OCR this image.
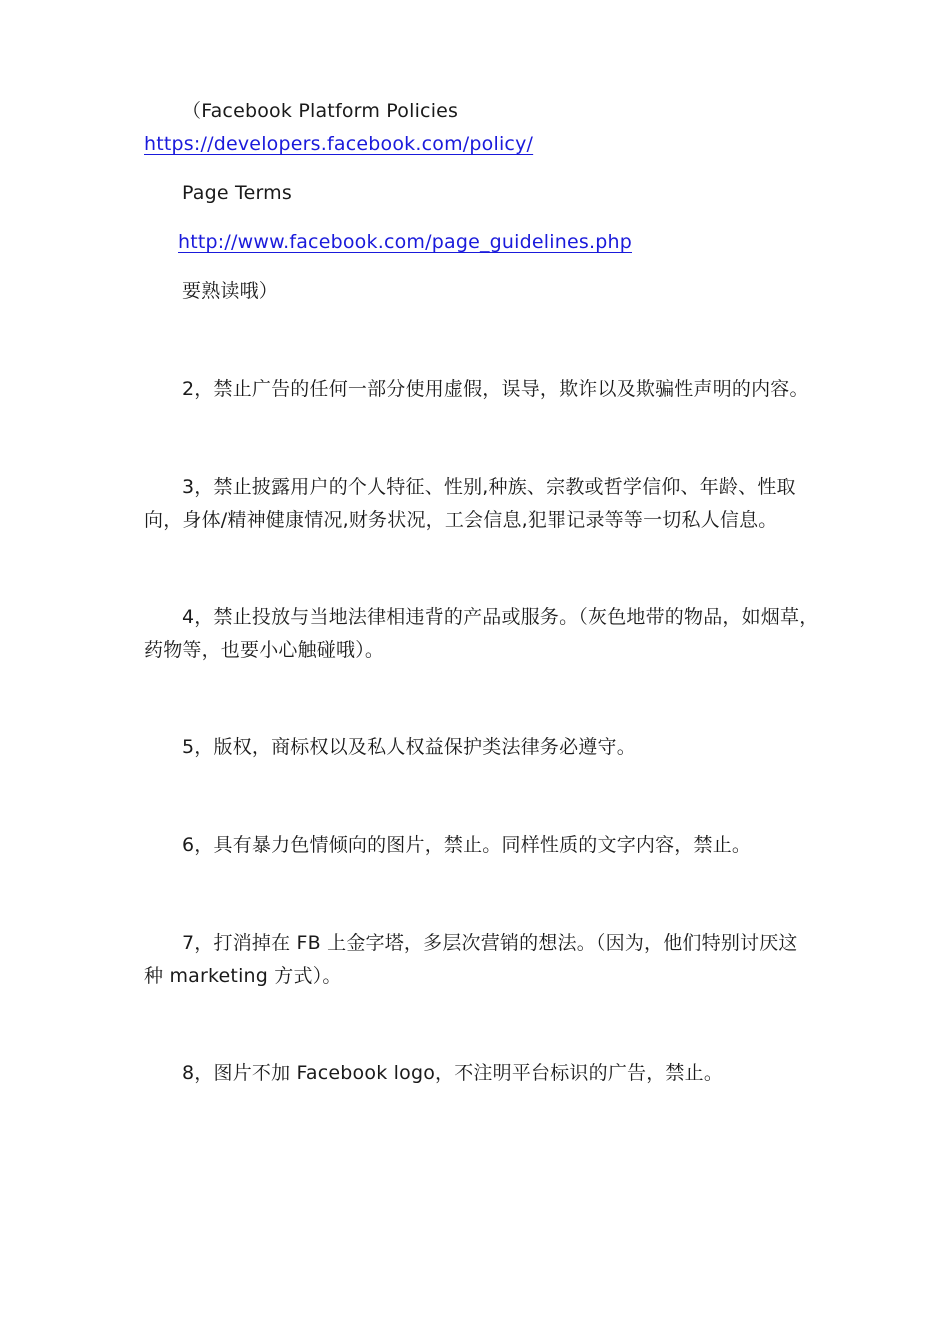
（Facebook Platform Policies
https://developers.facebook.com/policy/
Page Terms
http://www.facebook.com/page_guidelines.php
要熟读哦）
2，禁止广告的任何一部分使用虚假，误导，欺诈以及欺骗性声明的内容。
3，禁止披露用户的个人特征、性别,种族、宗教或哲学信仰、年龄、性取
向，身体/精神健康情况,财务状况，工会信息,犯罪记录等等一切私人信息。
4，禁止投放与当地法律相违背的产品或服务。（灰色地带的物品，如烟草，
药物等，也要小心触碰哦）。
5，版权，商标权以及私人权益保护类法律务必遵守。
6，具有暴力色情倾向的图片，禁止。同样性质的文字内容，禁止。
7，打消掉在 FB 上金字塔，多层次营销的想法。（因为，他们特别讨厌这
种 marketing 方式）。
8，图片不加 Facebook logo，不注明平台标识的广告，禁止。
